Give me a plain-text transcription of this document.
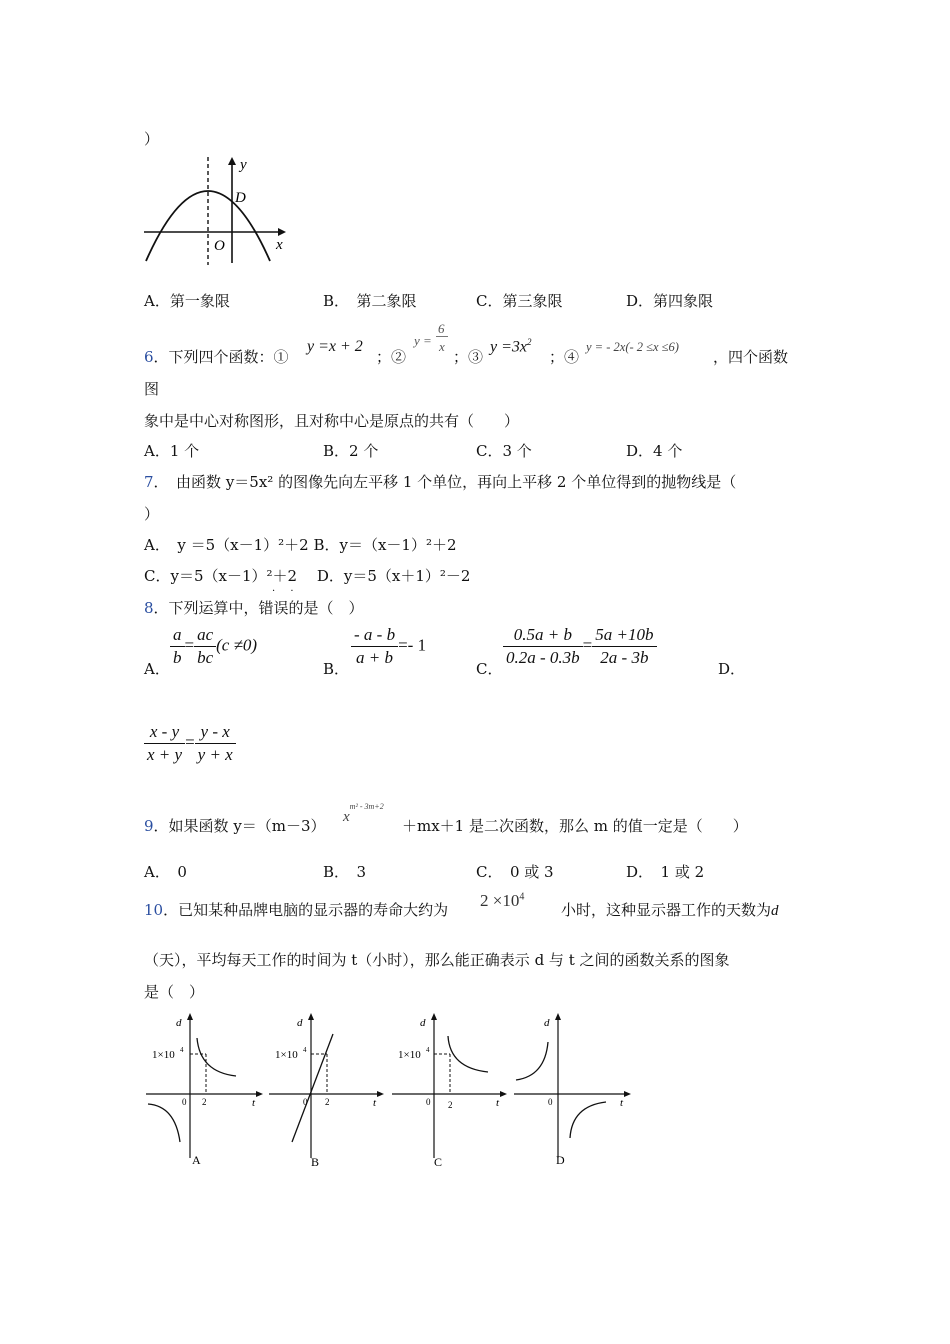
）
y
x
D
O
A．第一象限	B．　第二象限	C．第三象限	D．第四象限
6．下列四个函数：①
y =x + 2
；②
y =
6
x
；③
$y =3x^2$
；④
y = - 2x(- 2 ≤x ≤6)
，四个函数
图
象中是中心对称图形，且对称中心是原点的共有（　　）
A．1 个	B．2 个	C．3 个	D．4 个
7．　由函数 y＝5x² 的图像先向左平移 1 个单位，再向上平移 2 个单位得到的抛物线是（
）
A．　y ＝5（x－1）²＋2 B．y＝（x－1）²＋2
C．y＝5（x－1）²＋2　 D．y＝5（x＋1）²－2
· ·
8．下列运算中，错误的是（　）
A． $\frac{a}{b} = \frac{ac}{bc} (c \ne 0)$
B． $\frac{- a - b}{a + b} =- 1$
C． $\frac{0.5a + b}{0.2a - 0.3b} = \frac{5a +10b}{2a - 3b}$	D．
$\frac{x - y}{x + y} = \frac{y - x}{y + x}$
9．如果函数 y＝（m－3） $x^{m^2 - 3m+2}$
＋mx＋1 是二次函数，那么 m 的值一定是（　　）
A．　0	B．　3	C．　0 或 3	D．　1 或 2
10．已知某种品牌电脑的显示器的寿命大约为 $2 \times 10^4$
小时，这种显示器工作的天数为d
（天），平均每天工作的时间为 t（小时），那么能正确表示 d 与 t 之间的函数关系的图象
是（　）
d
t
0 2
1×10 4
A
d
t
0 2
1×10 4
B
d
t
0 2
1×10 4
C
d
t
0
D
